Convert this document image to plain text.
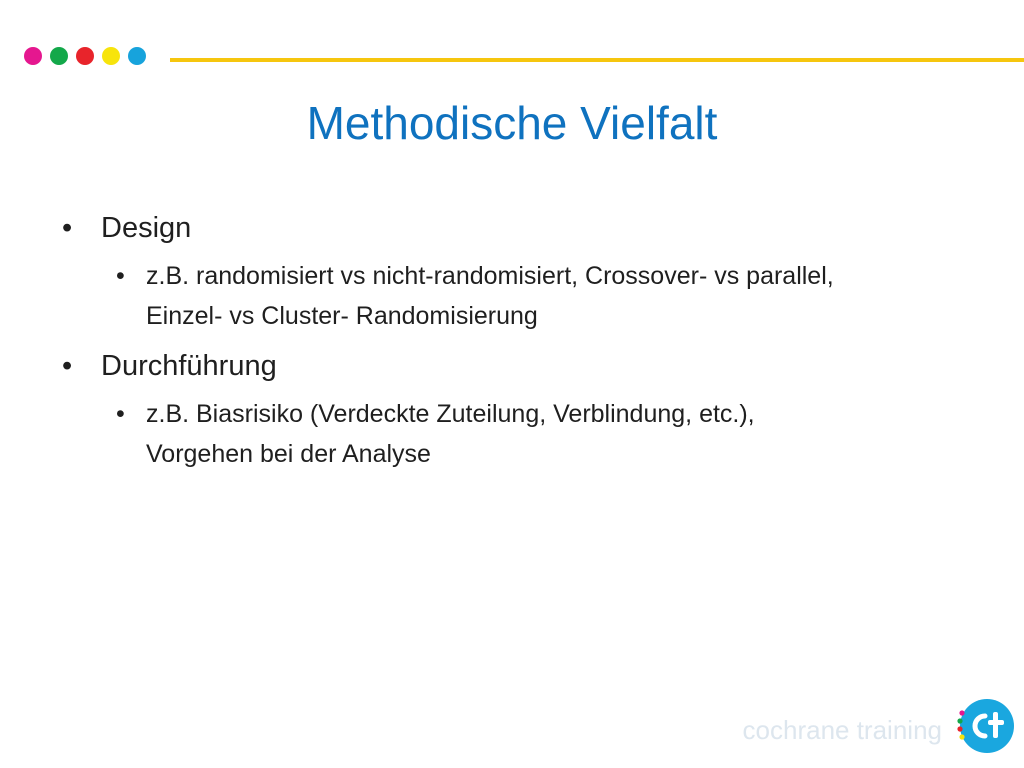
Methodische Vielfalt
• Design
• z.B. randomisiert vs nicht-randomisiert, Crossover- vs parallel, Einzel- vs Cluster- Randomisierung
• Durchführung
• z.B. Biasrisiko (Verdeckte Zuteilung, Verblindung, etc.), Vorgehen bei der Analyse
cochrane training
